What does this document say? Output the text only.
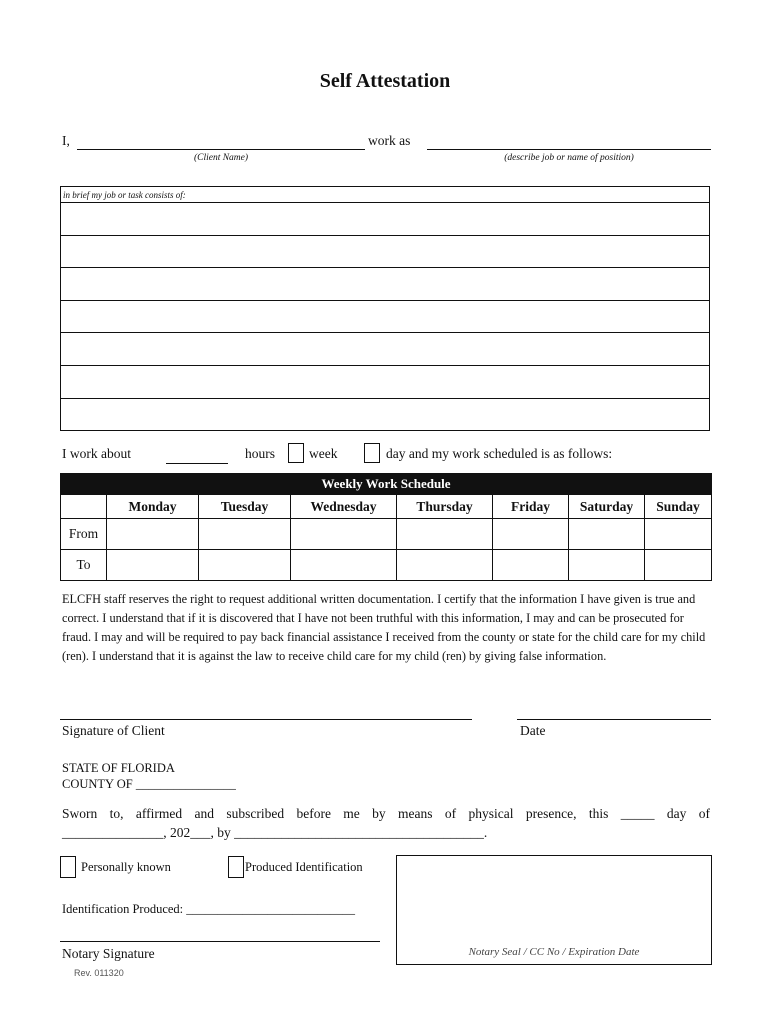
Self Attestation
I,	work as
(Client Name)	(describe job or name of position)
in brief my job or task consists of:
I work about	hours	week	day and my work scheduled is as follows:
Weekly Work Schedule							
	Monday	Tuesday	Wednesday	Thursday	Friday	Saturday	Sunday
From							
To							
ELCFH staff reserves the right to request additional written documentation. I certify that the information I have given is true and correct. I understand that if it is discovered that I have not been truthful with this information, I may and can be prosecuted for fraud. I may and will be required to pay back financial assistance I received from the county or state for the child care for my child (ren). I understand that it is against the law to receive child care for my child (ren) by giving false information.
Signature of Client	Date
STATE OF FLORIDA
COUNTY OF ________________
Sworn to, affirmed and subscribed before me by means of physical presence, this _____ day of
_______________, 202___, by _____________________________________.
Personally known	Produced Identification
Identification Produced: ___________________________
Notary Signature	Notary Seal / CC No / Expiration Date
Rev. 011320
